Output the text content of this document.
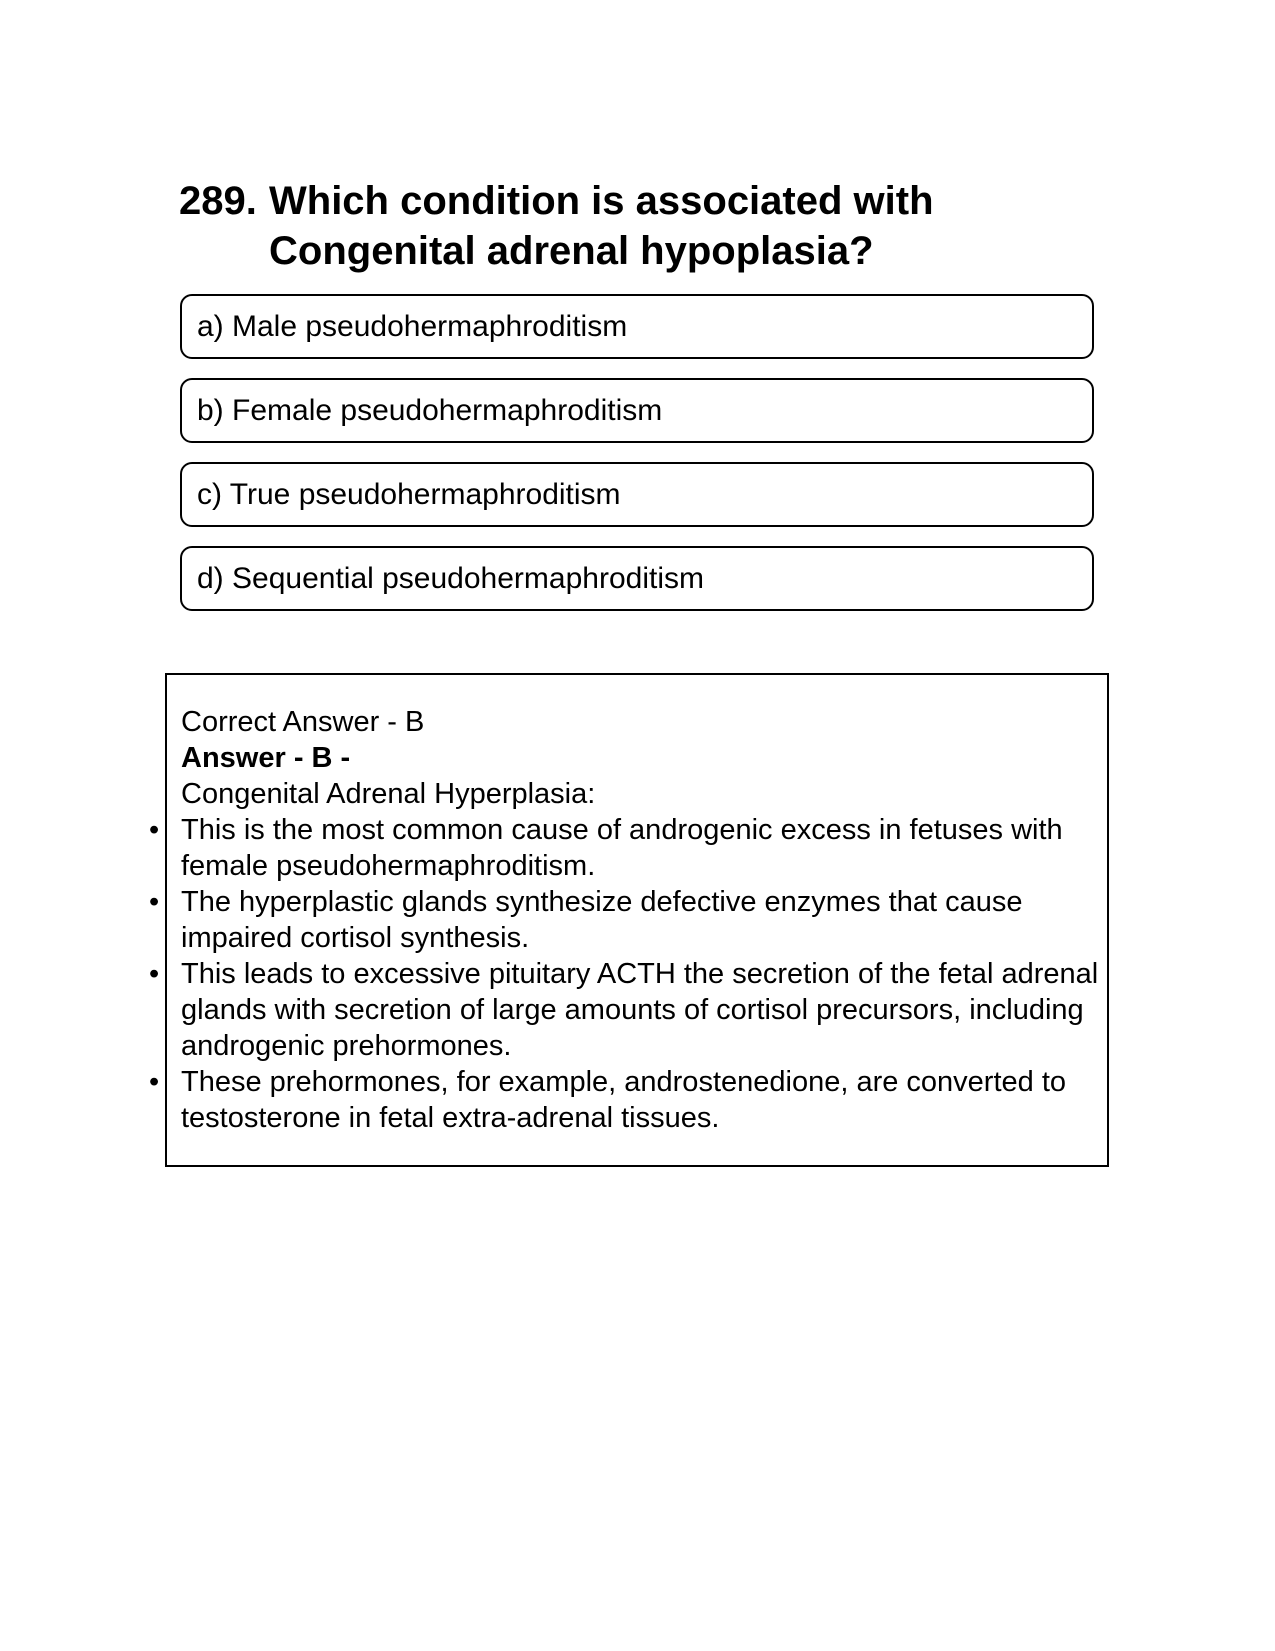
289. Which condition is associated with Congenital adrenal hypoplasia?
a) Male pseudohermaphroditism
b) Female pseudohermaphroditism
c) True pseudohermaphroditism
d) Sequential pseudohermaphroditism

Correct Answer - B

Answer - B -

Congenital Adrenal Hyperplasia:

• This is the most common cause of androgenic excess in fetuses with female pseudohermaphroditism.
• The hyperplastic glands synthesize defective enzymes that cause impaired cortisol synthesis.
• This leads to excessive pituitary ACTH the secretion of the fetal adrenal glands with secretion of large amounts of cortisol precursors, including androgenic prehormones.
• These prehormones, for example, androstenedione, are converted to testosterone in fetal extra-adrenal tissues.
